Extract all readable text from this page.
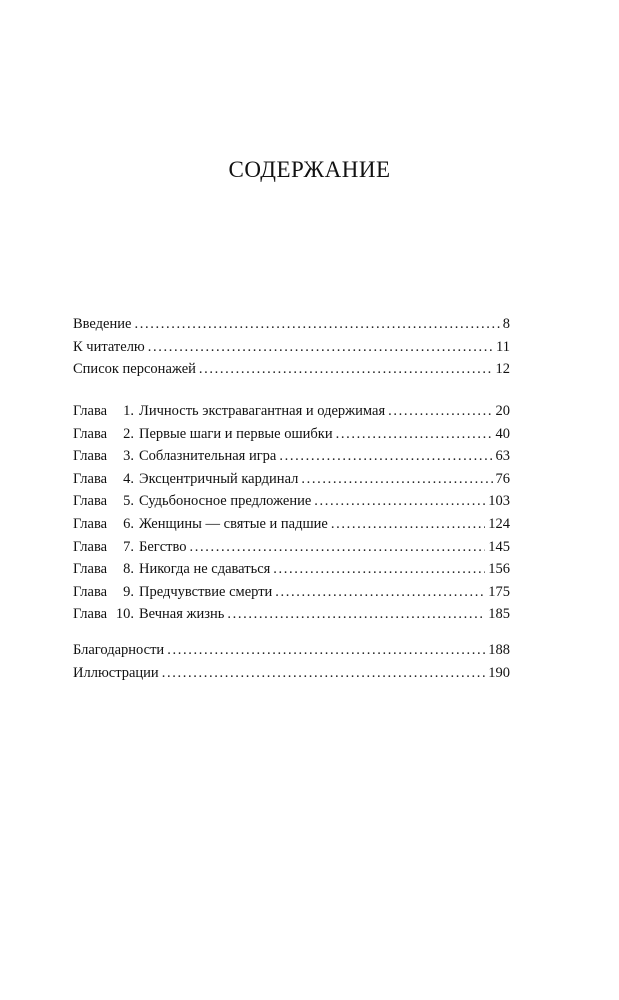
СОДЕРЖАНИЕ
Введение . . .	8
К читателю . . .	11
Список персонажей . . .	12
Глава 1. Личность экстравагантная и одержимая . . .	20
Глава 2. Первые шаги и первые ошибки . . .	40
Глава 3. Соблазнительная игра . . .	63
Глава 4. Эксцентричный кардинал . . .	76
Глава 5. Судьбоносное предложение . . .	103
Глава 6. Женщины — святые и падшие . . .	124
Глава 7. Бегство . . .	145
Глава 8. Никогда не сдаваться . . .	156
Глава 9. Предчувствие смерти . . .	175
Глава 10. Вечная жизнь . . .	185
Благодарности . . .	188
Иллюстрации . . .	190
